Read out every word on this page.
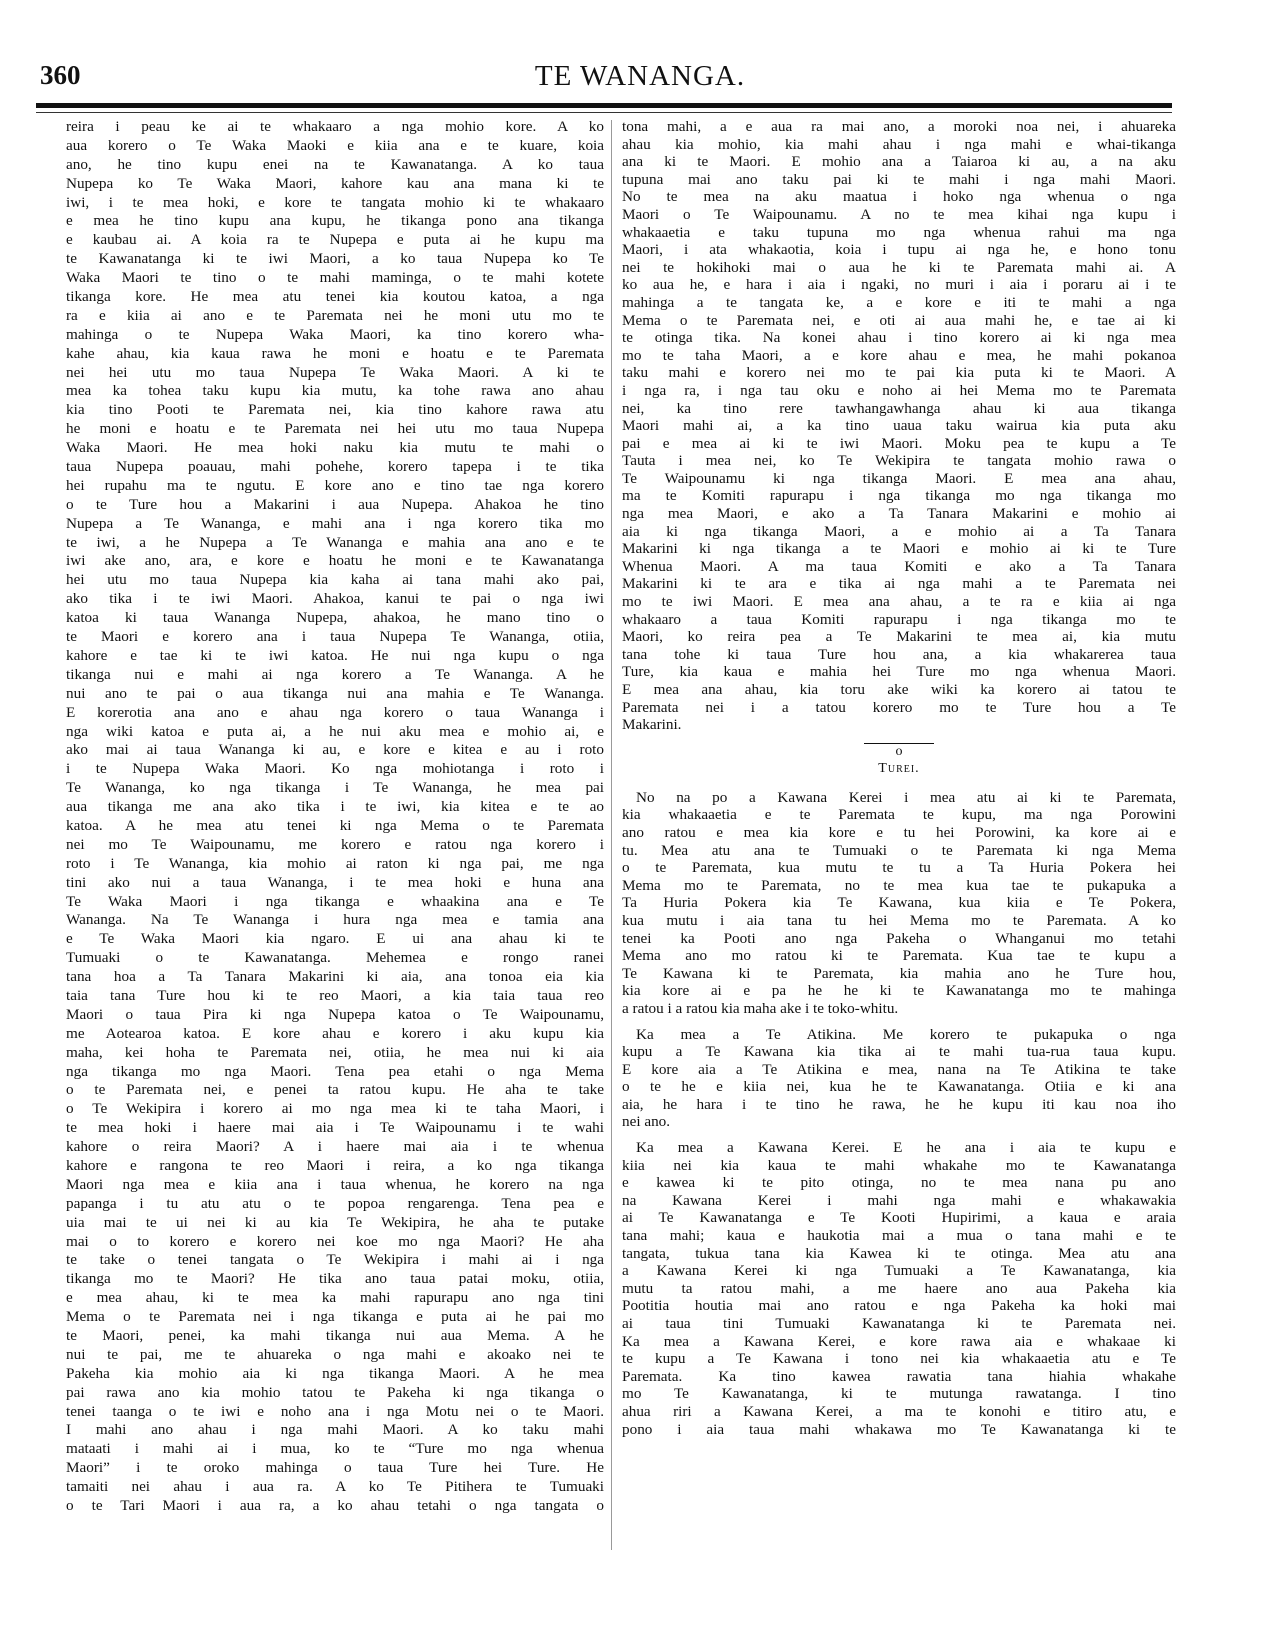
360	TE WANANGA.
reira i peau ke ai te whakaaro a nga mohio kore. A ko
aua korero o Te Waka Maoki e kiia ana e te kuare, koia
ano, he tino kupu enei na te Kawanatanga. A ko taua
Nupepa ko Te Waka Maori, kahore kau ana mana ki te
iwi, i te mea hoki, e kore te tangata mohio ki te whakaaro
e mea he tino kupu ana kupu, he tikanga pono ana tikanga
e kaubau ai. A koia ra te Nupepa e puta ai he kupu ma
te Kawanatanga ki te iwi Maori, a ko taua Nupepa ko Te
Waka Maori te tino o te mahi maminga, o te mahi kotete
tikanga kore. He mea atu tenei kia koutou katoa, a nga
ra e kiia ai ano e te Paremata nei he moni utu mo te
mahinga o te Nupepa Waka Maori, ka tino korero wha-
kahe ahau, kia kaua rawa he moni e hoatu e te Paremata
nei hei utu mo taua Nupepa Te Waka Maori. A ki te
mea ka tohea taku kupu kia mutu, ka tohe rawa ano ahau
kia tino Pooti te Paremata nei, kia tino kahore rawa atu
he moni e hoatu e te Paremata nei hei utu mo taua Nupepa
Waka Maori. He mea hoki naku kia mutu te mahi o
taua Nupepa poauau, mahi pohehe, korero tapepa i te tika
hei rupahu ma te ngutu. E kore ano e tino tae nga korero
o te Ture hou a Makarini i aua Nupepa. Ahakoa he tino
Nupepa a Te Wananga, e mahi ana i nga korero tika mo
te iwi, a he Nupepa a Te Wananga e mahia ana ano e te
iwi ake ano, ara, e kore e hoatu he moni e te Kawanatanga
hei utu mo taua Nupepa kia kaha ai tana mahi ako pai,
ako tika i te iwi Maori. Ahakoa, kanui te pai o nga iwi
katoa ki taua Wananga Nupepa, ahakoa, he mano tino o
te Maori e korero ana i taua Nupepa Te Wananga, otiia,
kahore e tae ki te iwi katoa. He nui nga kupu o nga
tikanga nui e mahi ai nga korero a Te Wananga. A he
nui ano te pai o aua tikanga nui ana mahia e Te Wananga.
E korerotia ana ano e ahau nga korero o taua Wananga i
nga wiki katoa e puta ai, a he nui aku mea e mohio ai, e
ako mai ai taua Wananga ki au, e kore e kitea e au i roto
i te Nupepa Waka Maori. Ko nga mohiotanga i roto i
Te Wananga, ko nga tikanga i Te Wananga, he mea pai
aua tikanga me ana ako tika i te iwi, kia kitea e te ao
katoa. A he mea atu tenei ki nga Mema o te Paremata
nei mo Te Waipounamu, me korero e ratou nga korero i
roto i Te Wananga, kia mohio ai raton ki nga pai, me nga
tini ako nui a taua Wananga, i te mea hoki e huna ana
Te Waka Maori i nga tikanga e whaakina ana e Te
Wananga. Na Te Wananga i hura nga mea e tamia ana
e Te Waka Maori kia ngaro. E ui ana ahau ki te
Tumuaki o te Kawanatanga. Mehemea e rongo ranei
tana hoa a Ta Tanara Makarini ki aia, ana tonoa eia kia
taia tana Ture hou ki te reo Maori, a kia taia taua reo
Maori o taua Pira ki nga Nupepa katoa o Te Waipounamu,
me Aotearoa katoa. E kore ahau e korero i aku kupu kia
maha, kei hoha te Paremata nei, otiia, he mea nui ki aia
nga tikanga mo nga Maori. Tena pea etahi o nga Mema
o te Paremata nei, e penei ta ratou kupu. He aha te take
o Te Wekipira i korero ai mo nga mea ki te taha Maori, i
te mea hoki i haere mai aia i Te Waipounamu i te wahi
kahore o reira Maori? A i haere mai aia i te whenua
kahore e rangona te reo Maori i reira, a ko nga tikanga
Maori nga mea e kiia ana i taua whenua, he korero na nga
papanga i tu atu atu o te popoa rengarenga. Tena pea e
uia mai te ui nei ki au kia Te Wekipira, he aha te putake
mai o to korero e korero nei koe mo nga Maori? He aha
te take o tenei tangata o Te Wekipira i mahi ai i nga
tikanga mo te Maori? He tika ano taua patai moku, otiia,
e mea ahau, ki te mea ka mahi rapurapu ano nga tini
Mema o te Paremata nei i nga tikanga e puta ai he pai mo
te Maori, penei, ka mahi tikanga nui aua Mema. A he
nui te pai, me te ahuareka o nga mahi e akoako nei te
Pakeha kia mohio aia ki nga tikanga Maori. A he mea
pai rawa ano kia mohio tatou te Pakeha ki nga tikanga o
tenei taanga o te iwi e noho ana i nga Motu nei o te Maori.
I mahi ano ahau i nga mahi Maori. A ko taku mahi
mataati i mahi ai i mua, ko te “Ture mo nga whenua
Maori” i te oroko mahinga o taua Ture hei Ture. He
tamaiti nei ahau i aua ra. A ko Te Pitihera te Tumuaki
o te Tari Maori i aua ra, a ko ahau tetahi o nga tangata o
tona mahi, a e aua ra mai ano, a moroki noa nei, i ahuareka
ahau kia mohio, kia mahi ahau i nga mahi e whai-tikanga
ana ki te Maori. E mohio ana a Taiaroa ki au, a na aku
tupuna mai ano taku pai ki te mahi i nga mahi Maori.
No te mea na aku maatua i hoko nga whenua o nga
Maori o Te Waipounamu. A no te mea kihai nga kupu i
whakaaetia e taku tupuna mo nga whenua rahui ma nga
Maori, i ata whakaotia, koia i tupu ai nga he, e hono tonu
nei te hokihoki mai o aua he ki te Paremata mahi ai. A
ko aua he, e hara i aia i ngaki, no muri i aia i poraru ai i te
mahinga a te tangata ke, a e kore e iti te mahi a nga
Mema o te Paremata nei, e oti ai aua mahi he, e tae ai ki
te otinga tika. Na konei ahau i tino korero ai ki nga mea
mo te taha Maori, a e kore ahau e mea, he mahi pokanoa
taku mahi e korero nei mo te pai kia puta ki te Maori. A
i nga ra, i nga tau oku e noho ai hei Mema mo te Paremata
nei, ka tino rere tawhangawhanga ahau ki aua tikanga
Maori mahi ai, a ka tino uaua taku wairua kia puta aku
pai e mea ai ki te iwi Maori. Moku pea te kupu a Te
Tauta i mea nei, ko Te Wekipira te tangata mohio rawa o
Te Waipounamu ki nga tikanga Maori. E mea ana ahau,
ma te Komiti rapurapu i nga tikanga mo nga tikanga mo
nga mea Maori, e ako a Ta Tanara Makarini e mohio ai
aia ki nga tikanga Maori, a e mohio ai a Ta Tanara
Makarini ki nga tikanga a te Maori e mohio ai ki te Ture
Whenua Maori. A ma taua Komiti e ako a Ta Tanara
Makarini ki te ara e tika ai nga mahi a te Paremata nei
mo te iwi Maori. E mea ana ahau, a te ra e kiia ai nga
whakaaro a taua Komiti rapurapu i nga tikanga mo te
Maori, ko reira pea a Te Makarini te mea ai, kia mutu
tana tohe ki taua Ture hou ana, a kia whakarerea taua
Ture, kia kaua e mahia hei Ture mo nga whenua Maori.
E mea ana ahau, kia toru ake wiki ka korero ai tatou te
Paremata nei i a tatou korero mo te Ture hou a Te
Makarini.
o
Turei.
No na po a Kawana Kerei i mea atu ai ki te Paremata,
kia whakaaetia e te Paremata te kupu, ma nga Porowini
ano ratou e mea kia kore e tu hei Porowini, ka kore ai e
tu. Mea atu ana te Tumuaki o te Paremata ki nga Mema
o te Paremata, kua mutu te tu a Ta Huria Pokera hei
Mema mo te Paremata, no te mea kua tae te pukapuka a
Ta Huria Pokera kia Te Kawana, kua kiia e Te Pokera,
kua mutu i aia tana tu hei Mema mo te Paremata. A ko
tenei ka Pooti ano nga Pakeha o Whanganui mo tetahi
Mema ano mo ratou ki te Paremata. Kua tae te kupu a
Te Kawana ki te Paremata, kia mahia ano he Ture hou,
kia kore ai e pa he he ki te Kawanatanga mo te mahinga
a ratou i a ratou kia maha ake i te toko-whitu.
Ka mea a Te Atikina. Me korero te pukapuka o nga
kupu a Te Kawana kia tika ai te mahi tua-rua taua kupu.
E kore aia a Te Atikina e mea, nana na Te Atikina te take
o te he e kiia nei, kua he te Kawanatanga. Otiia e ki ana
aia, he hara i te tino he rawa, he he kupu iti kau noa iho
nei ano.
Ka mea a Kawana Kerei. E he ana i aia te kupu e
kiia nei kia kaua te mahi whakahe mo te Kawanatanga
e kawea ki te pito otinga, no te mea nana pu ano
na Kawana Kerei i mahi nga mahi e whakawakia
ai Te Kawanatanga e Te Kooti Hupirimi, a kaua e araia
tana mahi; kaua e haukotia mai a mua o tana mahi e te
tangata, tukua tana kia Kawea ki te otinga. Mea atu ana
a Kawana Kerei ki nga Tumuaki a Te Kawanatanga, kia
mutu ta ratou mahi, a me haere ano aua Pakeha kia
Pootitia houtia mai ano ratou e nga Pakeha ka hoki mai
ai taua tini Tumuaki Kawanatanga ki te Paremata nei.
Ka mea a Kawana Kerei, e kore rawa aia e whakaae ki
te kupu a Te Kawana i tono nei kia whakaaetia atu e Te
Paremata. Ka tino kawea rawatia tana hiahia whakahe
mo Te Kawanatanga, ki te mutunga rawatanga. I tino
ahua riri a Kawana Kerei, a ma te konohi e titiro atu, e
pono i aia taua mahi whakawa mo Te Kawanatanga ki te
